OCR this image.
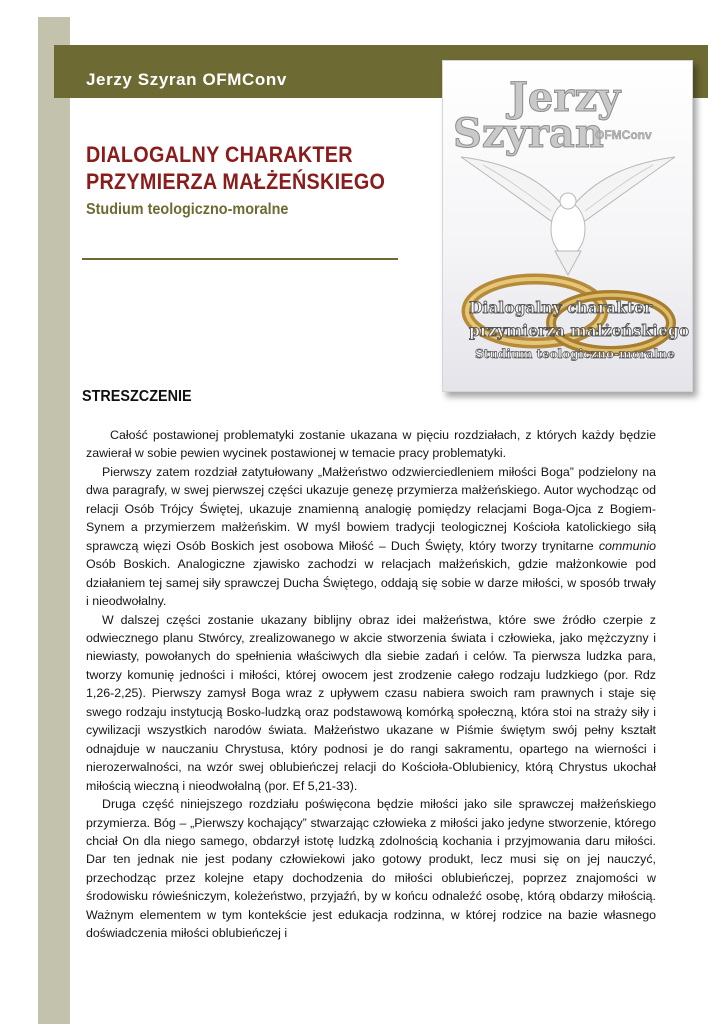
Jerzy Szyran OFMConv
DIALOGALNY CHARAKTER
PRZYMIERZA MAŁŻEŃSKIEGO
Studium teologiczno-moralne
Jerzy
Szyran
OFMConv
Dialogalny charakter
przymierza małżeńskiego
Studium teologiczno-moralne
STRESZCZENIE

Całość postawionej problematyki zostanie ukazana w pięciu rozdziałach, z których każdy będzie zawierał w sobie pewien wycinek postawionej w temacie pracy problematyki.

Pierwszy zatem rozdział zatytułowany „Małżeństwo odzwierciedleniem miłości Boga” podzielony na dwa paragrafy, w swej pierwszej części ukazuje genezę przymierza małżeńskiego. Autor wychodząc od relacji Osób Trójcy Świętej, ukazuje znamienną analogię pomiędzy relacjami Boga-Ojca z Bogiem-Synem a przymierzem małżeńskim. W myśl bowiem tradycji teologicznej Kościoła katolickiego siłą sprawczą więzi Osób Boskich jest osobowa Miłość – Duch Święty, który tworzy trynitarne communio Osób Boskich. Analogiczne zjawisko zachodzi w relacjach małżeńskich, gdzie małżonkowie pod działaniem tej samej siły sprawczej Ducha Świętego, oddają się sobie w darze miłości, w sposób trwały i nieodwołalny.

W dalszej części zostanie ukazany biblijny obraz idei małżeństwa, które swe źródło czerpie z odwiecznego planu Stwórcy, zrealizowanego w akcie stworzenia świata i człowieka, jako mężczyzny i niewiasty, powołanych do spełnienia właściwych dla siebie zadań i celów. Ta pierwsza ludzka para, tworzy komunię jedności i miłości, której owocem jest zrodzenie całego rodzaju ludzkiego (por. Rdz 1,26-2,25). Pierwszy zamysł Boga wraz z upływem czasu nabiera swoich ram prawnych i staje się swego rodzaju instytucją Bosko-ludzką oraz podstawową komórką społeczną, która stoi na straży siły i cywilizacji wszystkich narodów świata. Małżeństwo ukazane w Piśmie świętym swój pełny kształt odnajduje w nauczaniu Chrystusa, który podnosi je do rangi sakramentu, opartego na wierności i nierozerwalności, na wzór swej oblubieńczej relacji do Kościoła-Oblubienicy, którą Chrystus ukochał miłością wieczną i nieodwołalną (por. Ef 5,21-33).

Druga część niniejszego rozdziału poświęcona będzie miłości jako sile sprawczej małżeńskiego przymierza. Bóg – „Pierwszy kochający” stwarzając człowieka z miłości jako jedyne stworzenie, którego chciał On dla niego samego, obdarzył istotę ludzką zdolnością kochania i przyjmowania daru miłości. Dar ten jednak nie jest podany człowiekowi jako gotowy produkt, lecz musi się on jej nauczyć, przechodząc przez kolejne etapy dochodzenia do miłości oblubieńczej, poprzez znajomości w środowisku rówieśniczym, koleżeństwo, przyjaźń, by w końcu odnaleźć osobę, którą obdarzy miłością. Ważnym elementem w tym kontekście jest edukacja rodzinna, w której rodzice na bazie własnego doświadczenia miłości oblubieńczej i
